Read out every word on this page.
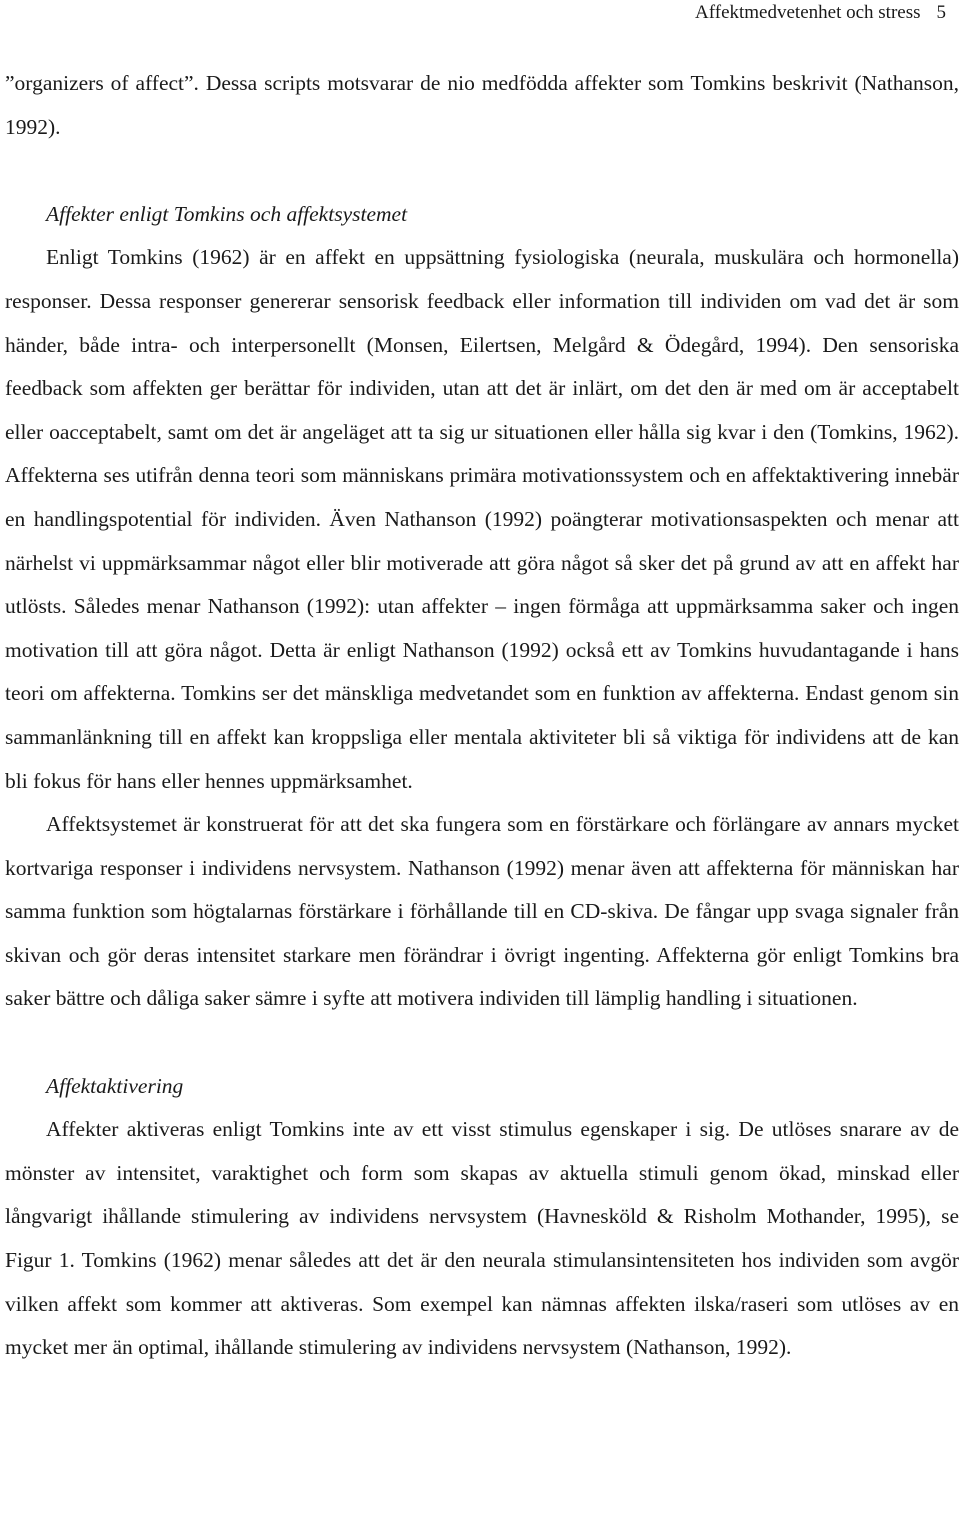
Affektmedvetenhet och stress 5

”organizers of affect”. Dessa scripts motsvarar de nio medfödda affekter som Tomkins beskrivit (Nathanson, 1992).

Affekter enligt Tomkins och affektsystemet

Enligt Tomkins (1962) är en affekt en uppsättning fysiologiska (neurala, muskulära och hormonella) responser. Dessa responser genererar sensorisk feedback eller information till individen om vad det är som händer, både intra- och interpersonellt (Monsen, Eilertsen, Melgård & Ödegård, 1994). Den sensoriska feedback som affekten ger berättar för individen, utan att det är inlärt, om det den är med om är acceptabelt eller oacceptabelt, samt om det är angeläget att ta sig ur situationen eller hålla sig kvar i den (Tomkins, 1962). Affekterna ses utifrån denna teori som människans primära motivationssystem och en affektaktivering innebär en handlingspotential för individen. Även Nathanson (1992) poängterar motivationsaspekten och menar att närhelst vi uppmärksammar något eller blir motiverade att göra något så sker det på grund av att en affekt har utlösts. Således menar Nathanson (1992): utan affekter – ingen förmåga att uppmärksamma saker och ingen motivation till att göra något. Detta är enligt Nathanson (1992) också ett av Tomkins huvudantagande i hans teori om affekterna. Tomkins ser det mänskliga medvetandet som en funktion av affekterna. Endast genom sin sammanlänkning till en affekt kan kroppsliga eller mentala aktiviteter bli så viktiga för individens att de kan bli fokus för hans eller hennes uppmärksamhet.

Affektsystemet är konstruerat för att det ska fungera som en förstärkare och förlängare av annars mycket kortvariga responser i individens nervsystem. Nathanson (1992) menar även att affekterna för människan har samma funktion som högtalarnas förstärkare i förhållande till en CD-skiva. De fångar upp svaga signaler från skivan och gör deras intensitet starkare men förändrar i övrigt ingenting. Affekterna gör enligt Tomkins bra saker bättre och dåliga saker sämre i syfte att motivera individen till lämplig handling i situationen.

Affektaktivering

Affekter aktiveras enligt Tomkins inte av ett visst stimulus egenskaper i sig. De utlöses snarare av de mönster av intensitet, varaktighet och form som skapas av aktuella stimuli genom ökad, minskad eller långvarigt ihållande stimulering av individens nervsystem (Havnesköld & Risholm Mothander, 1995), se Figur 1. Tomkins (1962) menar således att det är den neurala stimulansintensiteten hos individen som avgör vilken affekt som kommer att aktiveras. Som exempel kan nämnas affekten ilska/raseri som utlöses av en mycket mer än optimal, ihållande stimulering av individens nervsystem (Nathanson, 1992).
